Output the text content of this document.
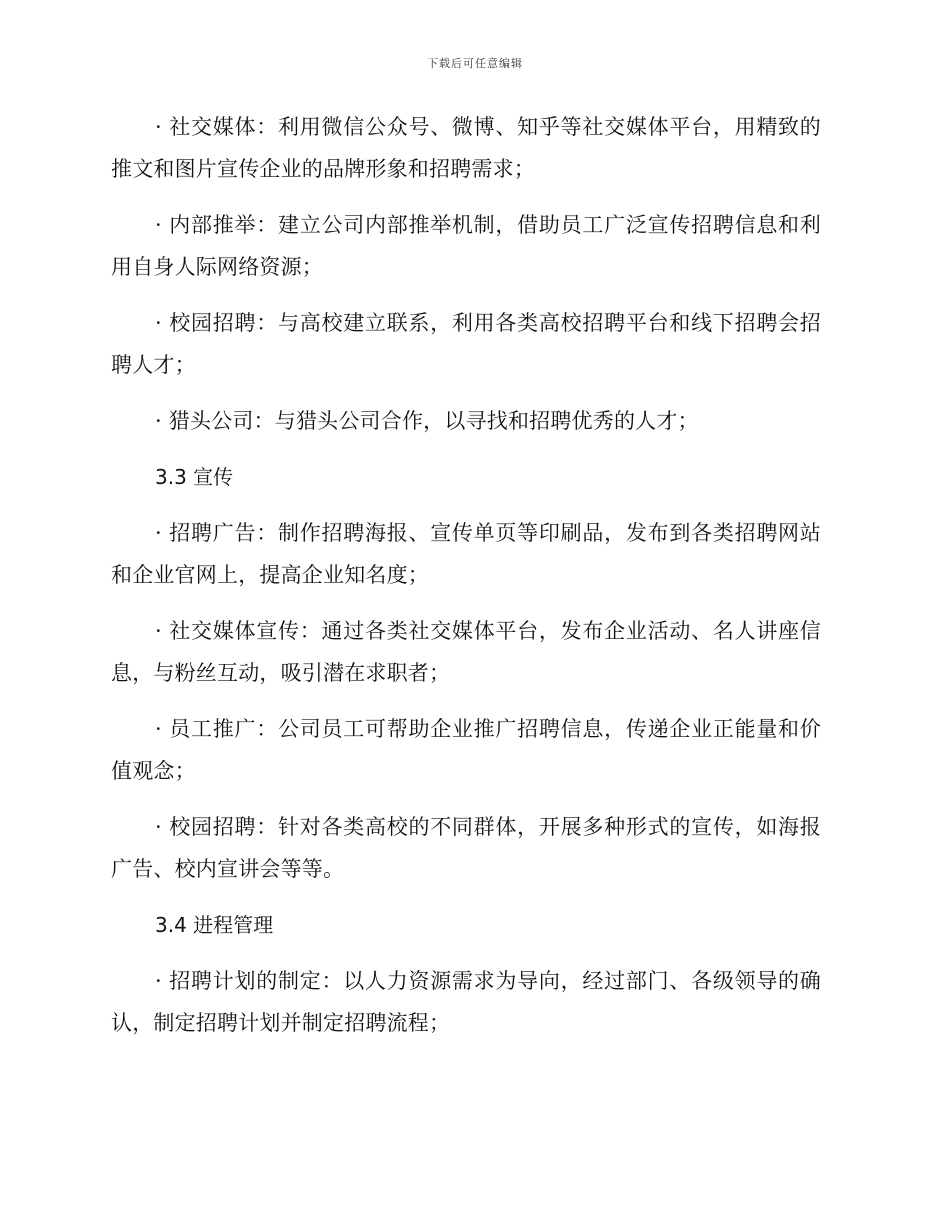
下载后可任意编辑

· 社交媒体：利用微信公众号、微博、知乎等社交媒体平台，用精致的推文和图片宣传企业的品牌形象和招聘需求；

· 内部推举：建立公司内部推举机制，借助员工广泛宣传招聘信息和利用自身人际网络资源；

· 校园招聘：与高校建立联系，利用各类高校招聘平台和线下招聘会招聘人才；

· 猎头公司：与猎头公司合作，以寻找和招聘优秀的人才；

3.3 宣传

· 招聘广告：制作招聘海报、宣传单页等印刷品，发布到各类招聘网站和企业官网上，提高企业知名度；

· 社交媒体宣传：通过各类社交媒体平台，发布企业活动、名人讲座信息，与粉丝互动，吸引潜在求职者；

· 员工推广：公司员工可帮助企业推广招聘信息，传递企业正能量和价值观念；

· 校园招聘：针对各类高校的不同群体，开展多种形式的宣传，如海报广告、校内宣讲会等等。

3.4 进程管理

· 招聘计划的制定：以人力资源需求为导向，经过部门、各级领导的确认，制定招聘计划并制定招聘流程；
